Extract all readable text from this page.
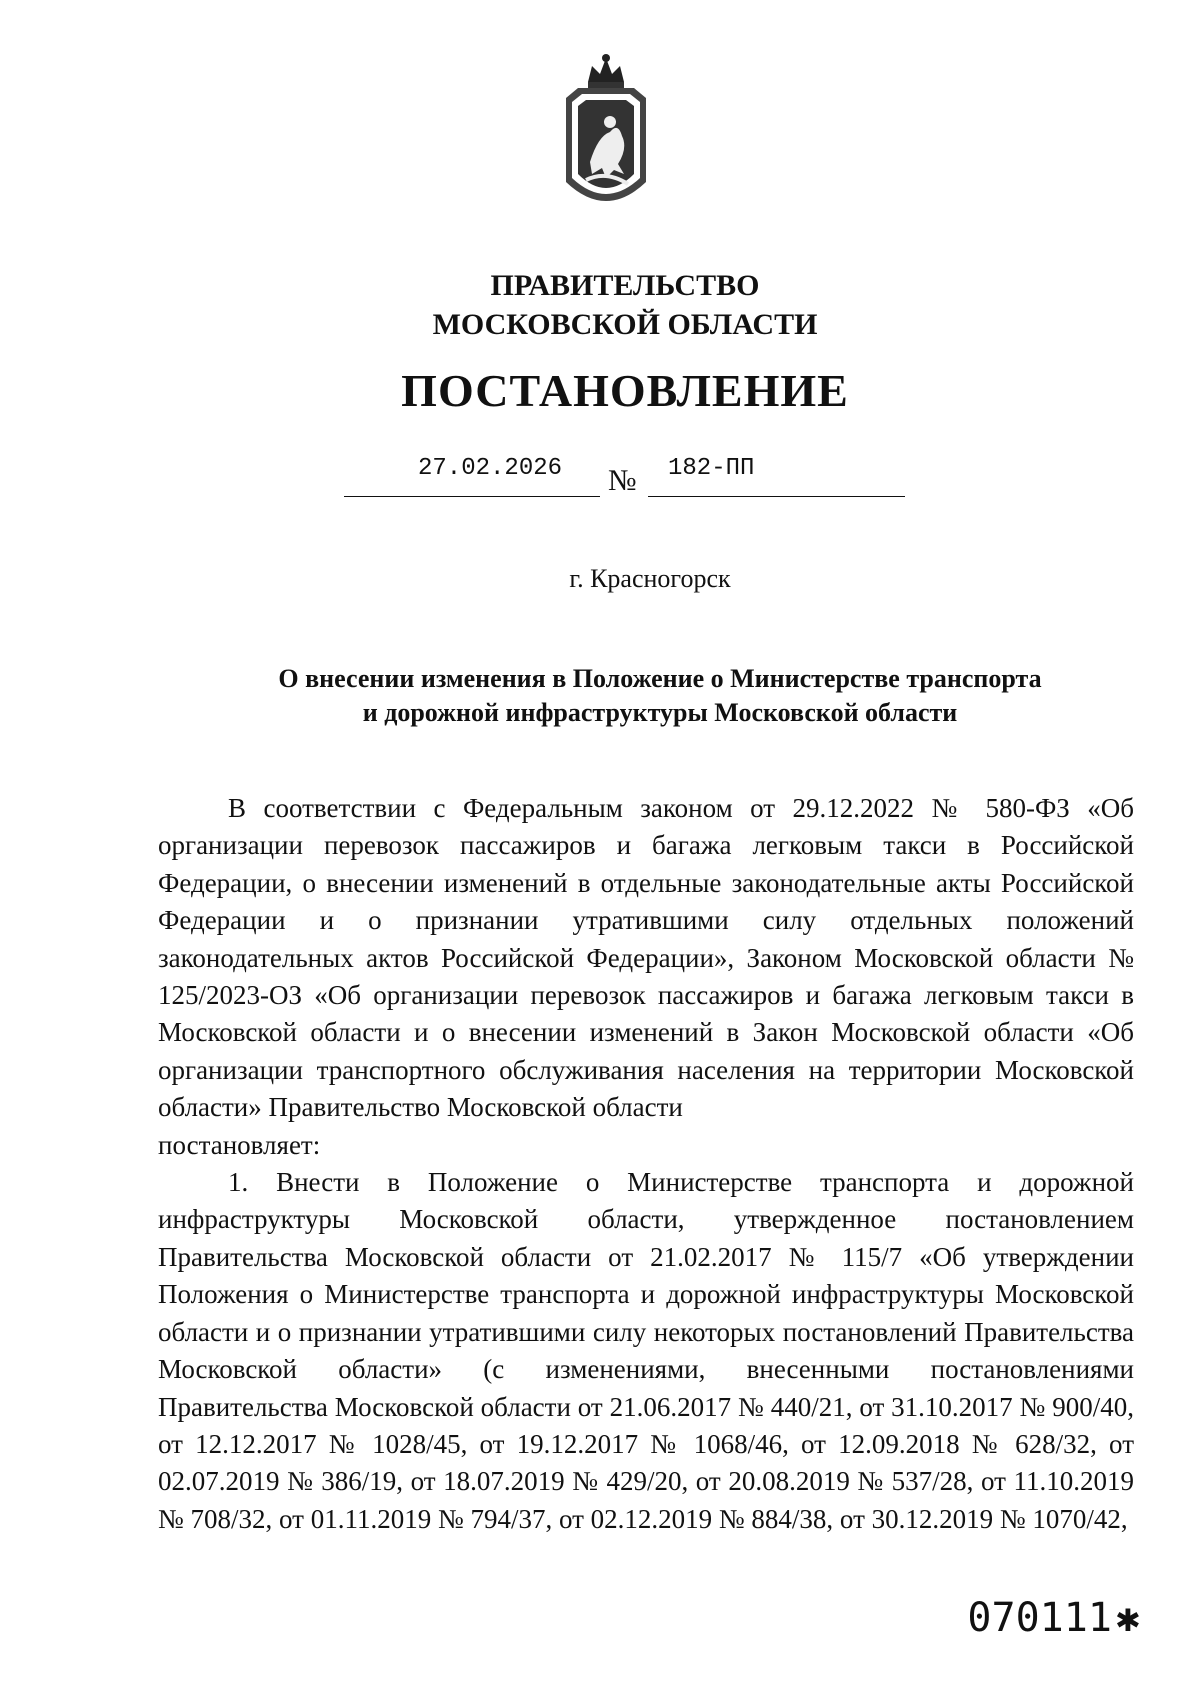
ПРАВИТЕЛЬСТВО
МОСКОВСКОЙ ОБЛАСТИ
ПОСТАНОВЛЕНИЕ
27.02.2026 № 182-ПП
г. Красногорск
О внесении изменения в Положение о Министерстве транспорта
и дорожной инфраструктуры Московской области

В соответствии с Федеральным законом от 29.12.2022 № 580-ФЗ «Об организации перевозок пассажиров и багажа легковым такси в Российской Федерации, о внесении изменений в отдельные законодательные акты Российской Федерации и о признании утратившими силу отдельных положений законодательных актов Российской Федерации», Законом Московской области № 125/2023-ОЗ «Об организации перевозок пассажиров и багажа легковым такси в Московской области и о внесении изменений в Закон Московской области «Об организации транспортного обслуживания населения на территории Московской области» Правительство Московской области

постановляет:

1. Внести в Положение о Министерстве транспорта и дорожной инфраструктуры Московской области, утвержденное постановлением Правительства Московской области от 21.02.2017 № 115/7 «Об утверждении Положения о Министерстве транспорта и дорожной инфраструктуры Московской области и о признании утратившими силу некоторых постановлений Правительства Московской области» (с изменениями, внесенными постановлениями Правительства Московской области от 21.06.2017 № 440/21, от 31.10.2017 № 900/40, от 12.12.2017 № 1028/45, от 19.12.2017 № 1068/46, от 12.09.2018 № 628/32, от 02.07.2019 № 386/19, от 18.07.2019 № 429/20, от 20.08.2019 № 537/28, от 11.10.2019 № 708/32, от 01.11.2019 № 794/37, от 02.12.2019 № 884/38, от 30.12.2019 № 1070/42,

070111 ✱
